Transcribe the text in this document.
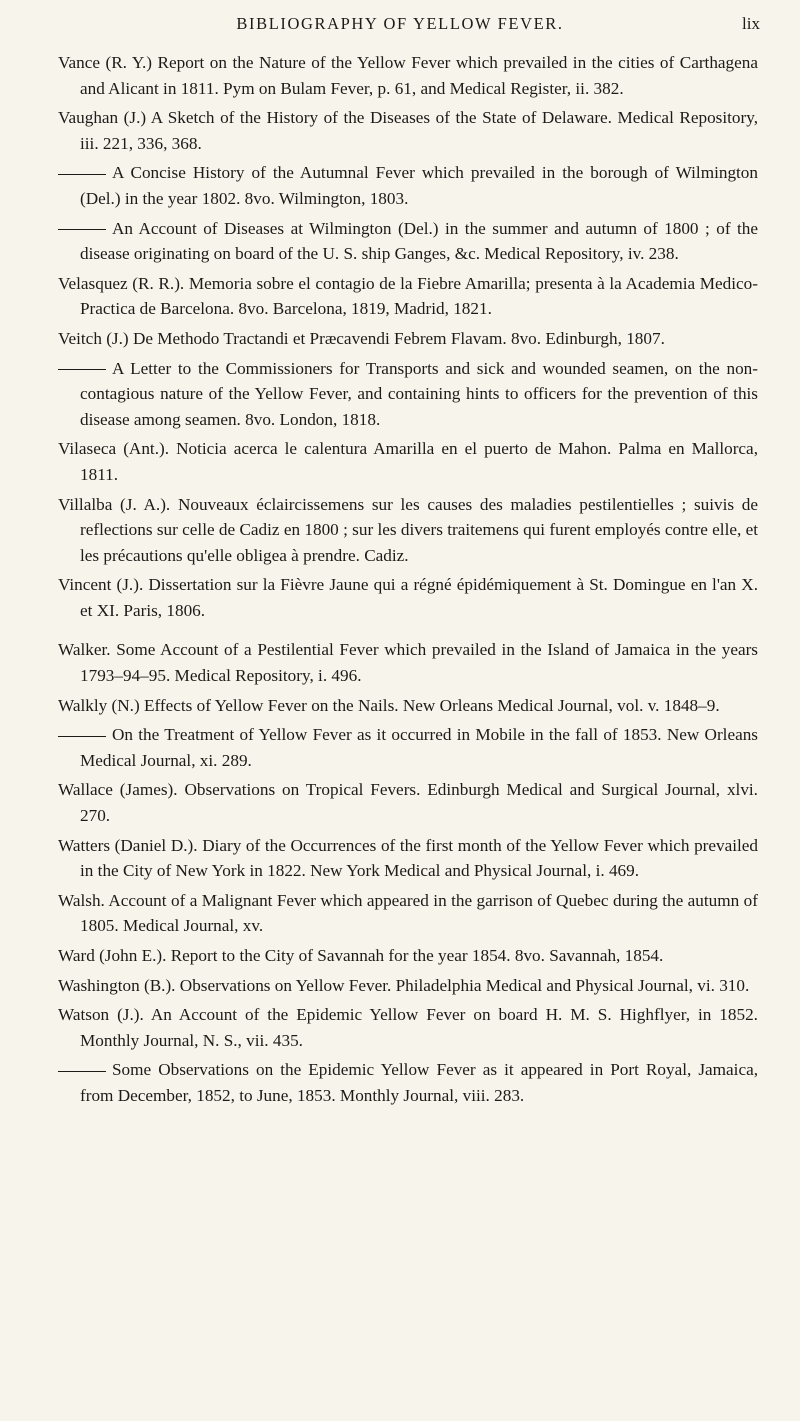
BIBLIOGRAPHY OF YELLOW FEVER.	lix

Vance (R. Y.) Report on the Nature of the Yellow Fever which prevailed in the cities of Carthagena and Alicant in 1811. Pym on Bulam Fever, p. 61, and Medical Register, ii. 382.

Vaughan (J.) A Sketch of the History of the Diseases of the State of Delaware. Medical Repository, iii. 221, 336, 368.

A Concise History of the Autumnal Fever which prevailed in the borough of Wilmington (Del.) in the year 1802. 8vo. Wilmington, 1803.

An Account of Diseases at Wilmington (Del.) in the summer and autumn of 1800 ; of the disease originating on board of the U. S. ship Ganges, &c. Medical Repository, iv. 238.

Velasquez (R. R.). Memoria sobre el contagio de la Fiebre Amarilla; presenta à la Academia Medico-Practica de Barcelona. 8vo. Barcelona, 1819, Madrid, 1821.

Veitch (J.) De Methodo Tractandi et Præcavendi Febrem Flavam. 8vo. Edinburgh, 1807.

A Letter to the Commissioners for Transports and sick and wounded seamen, on the non-contagious nature of the Yellow Fever, and containing hints to officers for the prevention of this disease among seamen. 8vo. London, 1818.

Vilaseca (Ant.). Noticia acerca le calentura Amarilla en el puerto de Mahon. Palma en Mallorca, 1811.

Villalba (J. A.). Nouveaux éclaircissemens sur les causes des maladies pestilentielles ; suivis de reflections sur celle de Cadiz en 1800 ; sur les divers traitemens qui furent employés contre elle, et les précautions qu'elle obligea à prendre. Cadiz.

Vincent (J.). Dissertation sur la Fièvre Jaune qui a régné épidémiquement à St. Domingue en l'an X. et XI. Paris, 1806.

Walker. Some Account of a Pestilential Fever which prevailed in the Island of Jamaica in the years 1793–94–95. Medical Repository, i. 496.

Walkly (N.) Effects of Yellow Fever on the Nails. New Orleans Medical Journal, vol. v. 1848–9.

On the Treatment of Yellow Fever as it occurred in Mobile in the fall of 1853. New Orleans Medical Journal, xi. 289.

Wallace (James). Observations on Tropical Fevers. Edinburgh Medical and Surgical Journal, xlvi. 270.

Watters (Daniel D.). Diary of the Occurrences of the first month of the Yellow Fever which prevailed in the City of New York in 1822. New York Medical and Physical Journal, i. 469.

Walsh. Account of a Malignant Fever which appeared in the garrison of Quebec during the autumn of 1805. Medical Journal, xv.

Ward (John E.). Report to the City of Savannah for the year 1854. 8vo. Savannah, 1854.

Washington (B.). Observations on Yellow Fever. Philadelphia Medical and Physical Journal, vi. 310.

Watson (J.). An Account of the Epidemic Yellow Fever on board H. M. S. Highflyer, in 1852. Monthly Journal, N. S., vii. 435.

Some Observations on the Epidemic Yellow Fever as it appeared in Port Royal, Jamaica, from December, 1852, to June, 1853. Monthly Journal, viii. 283.
